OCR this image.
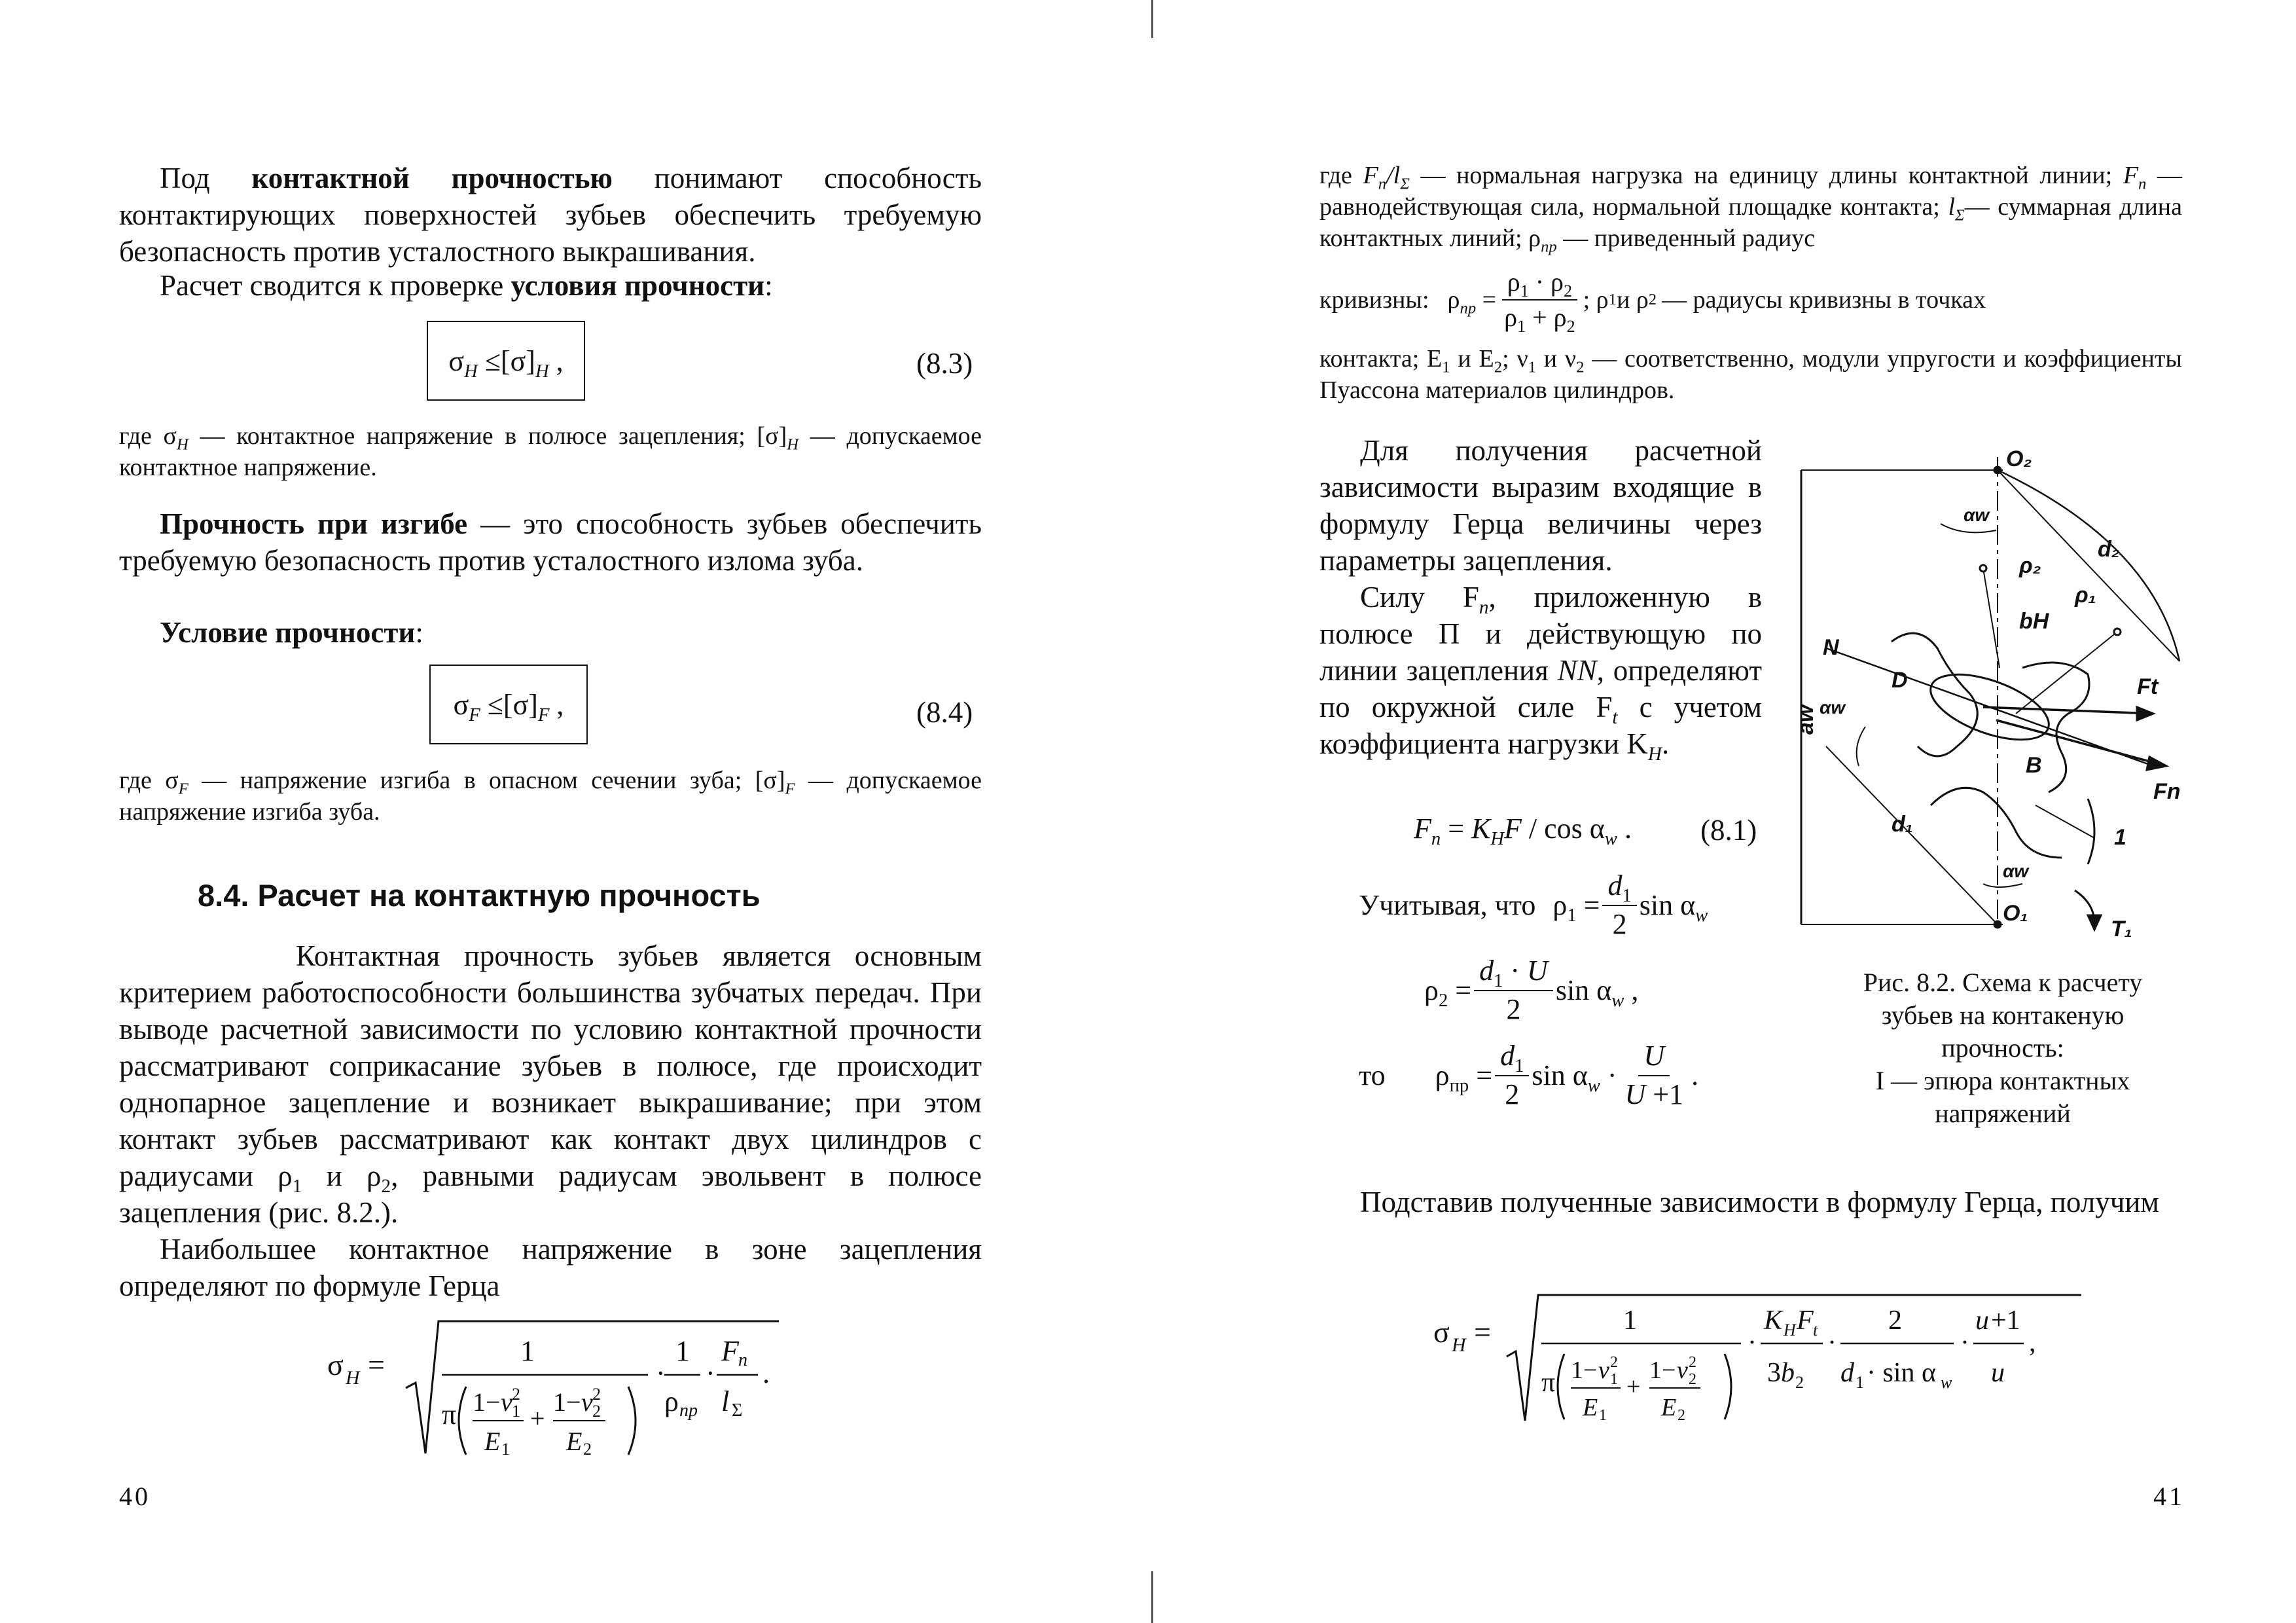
Под контактной прочностью понимают способность контактирующих поверхностей зубьев обеспечить требуемую безопасность против усталостного выкрашивания.
Расчет сводится к проверке условия прочности:
$\sigma_H \le[\sigma]_H$ ,	(8.3)
где $\sigma_H$ — контактное напряжение в полюсе зацепления; $[\sigma]_H$ — допускаемое контактное напряжение.
Прочность при изгибе — это способность зубьев обеспечить требуемую безопасность против усталостного излома зуба.
Условие прочности:
$\sigma_F \le[\sigma]_F$ ,	(8.4)
где $\sigma_F$ — напряжение изгиба в опасном сечении зуба; $[\sigma]_F$ — допускаемое напряжение изгиба зуба.
8.4. Расчет на контактную прочность
Контактная прочность зубьев является основным критерием работоспособности большинства зубчатых передач. При выводе расчетной зависимости по условию контактной прочности рассматривают соприкасание зубьев в полюсе, где происходит однопарное зацепление и возникает выкрашивание; при этом контакт зубьев рассматривают как контакт двух цилиндров с радиусами $\rho_1$ и $\rho_2$, равными радиусам эвольвент в полюсе зацепления (рис. 8.2.).
Наибольшее контактное напряжение в зоне зацепления определяют по формуле Герца
σ H =	1
π 1− v 2
1
E 1
+
1− v 2
2
E 2
·
1
ρ пр
·
F n
l Σ
.
40
где $F_n/l_\Sigma$ — нормальная нагрузка на единицу длины контактной линии; $F_n$ — равнодействующая сила, нормальной площадке контакта; $l_\Sigma—$ суммарная длина контактных линий; $\rho_{пр}$ — приведенный радиус
кривизны: $\rho_{пр} = \frac{\rho_1 \cdot \rho_2}{\rho_1 + \rho_2}$ ; ρ 1 и ρ 2 — радиусы кривизны в точках
контакта; $E_1$ и $E_2$; $\nu_1$ и $\nu_2$ — соответственно, модули упругости и коэффициенты Пуассона материалов цилиндров.
Для получения расчетной зависимости выразим входящие в формулу Герца величины через параметры зацепления.
Силу $F_n$, приложенную в полюсе П и действующую по линии зацепления NN, определяют по окружной силе $F_t$ с учетом коэффициента нагрузки $K_H$.
$F_n = K_HF / \cos \alpha_w$ . (8.1)
Учитывая, что $\rho_1 = \frac{d_1}{2}$ $\sin \alpha_w$
$\rho_2 = \frac{d_1 \cdot U}{2}$ $\sin \alpha_w$ ,
то $\rho_{пр} = \frac{d_1}{2}$ $\sin \alpha_w \cdot \frac{U}{U +1}$ .
O₂
O₁
aw
d₂
d₁
ρ₂
ρ₁
bH
N
D
B
Ft
Fn
T₁
1
αw
αw
αw
Рис. 8.2. Схема к расчету
зубьев на контакеную
прочность:
I — эпюра контактных
напряжений
Подставив полученные зависимости в формулу Герца, получим
σ H =	1
π 1− v 2
1
E 1
+
1− v 2
2
E 2
·
K H F t
3b 2
·
2
d 1 · sin α w
·
u +1
u
,
41
